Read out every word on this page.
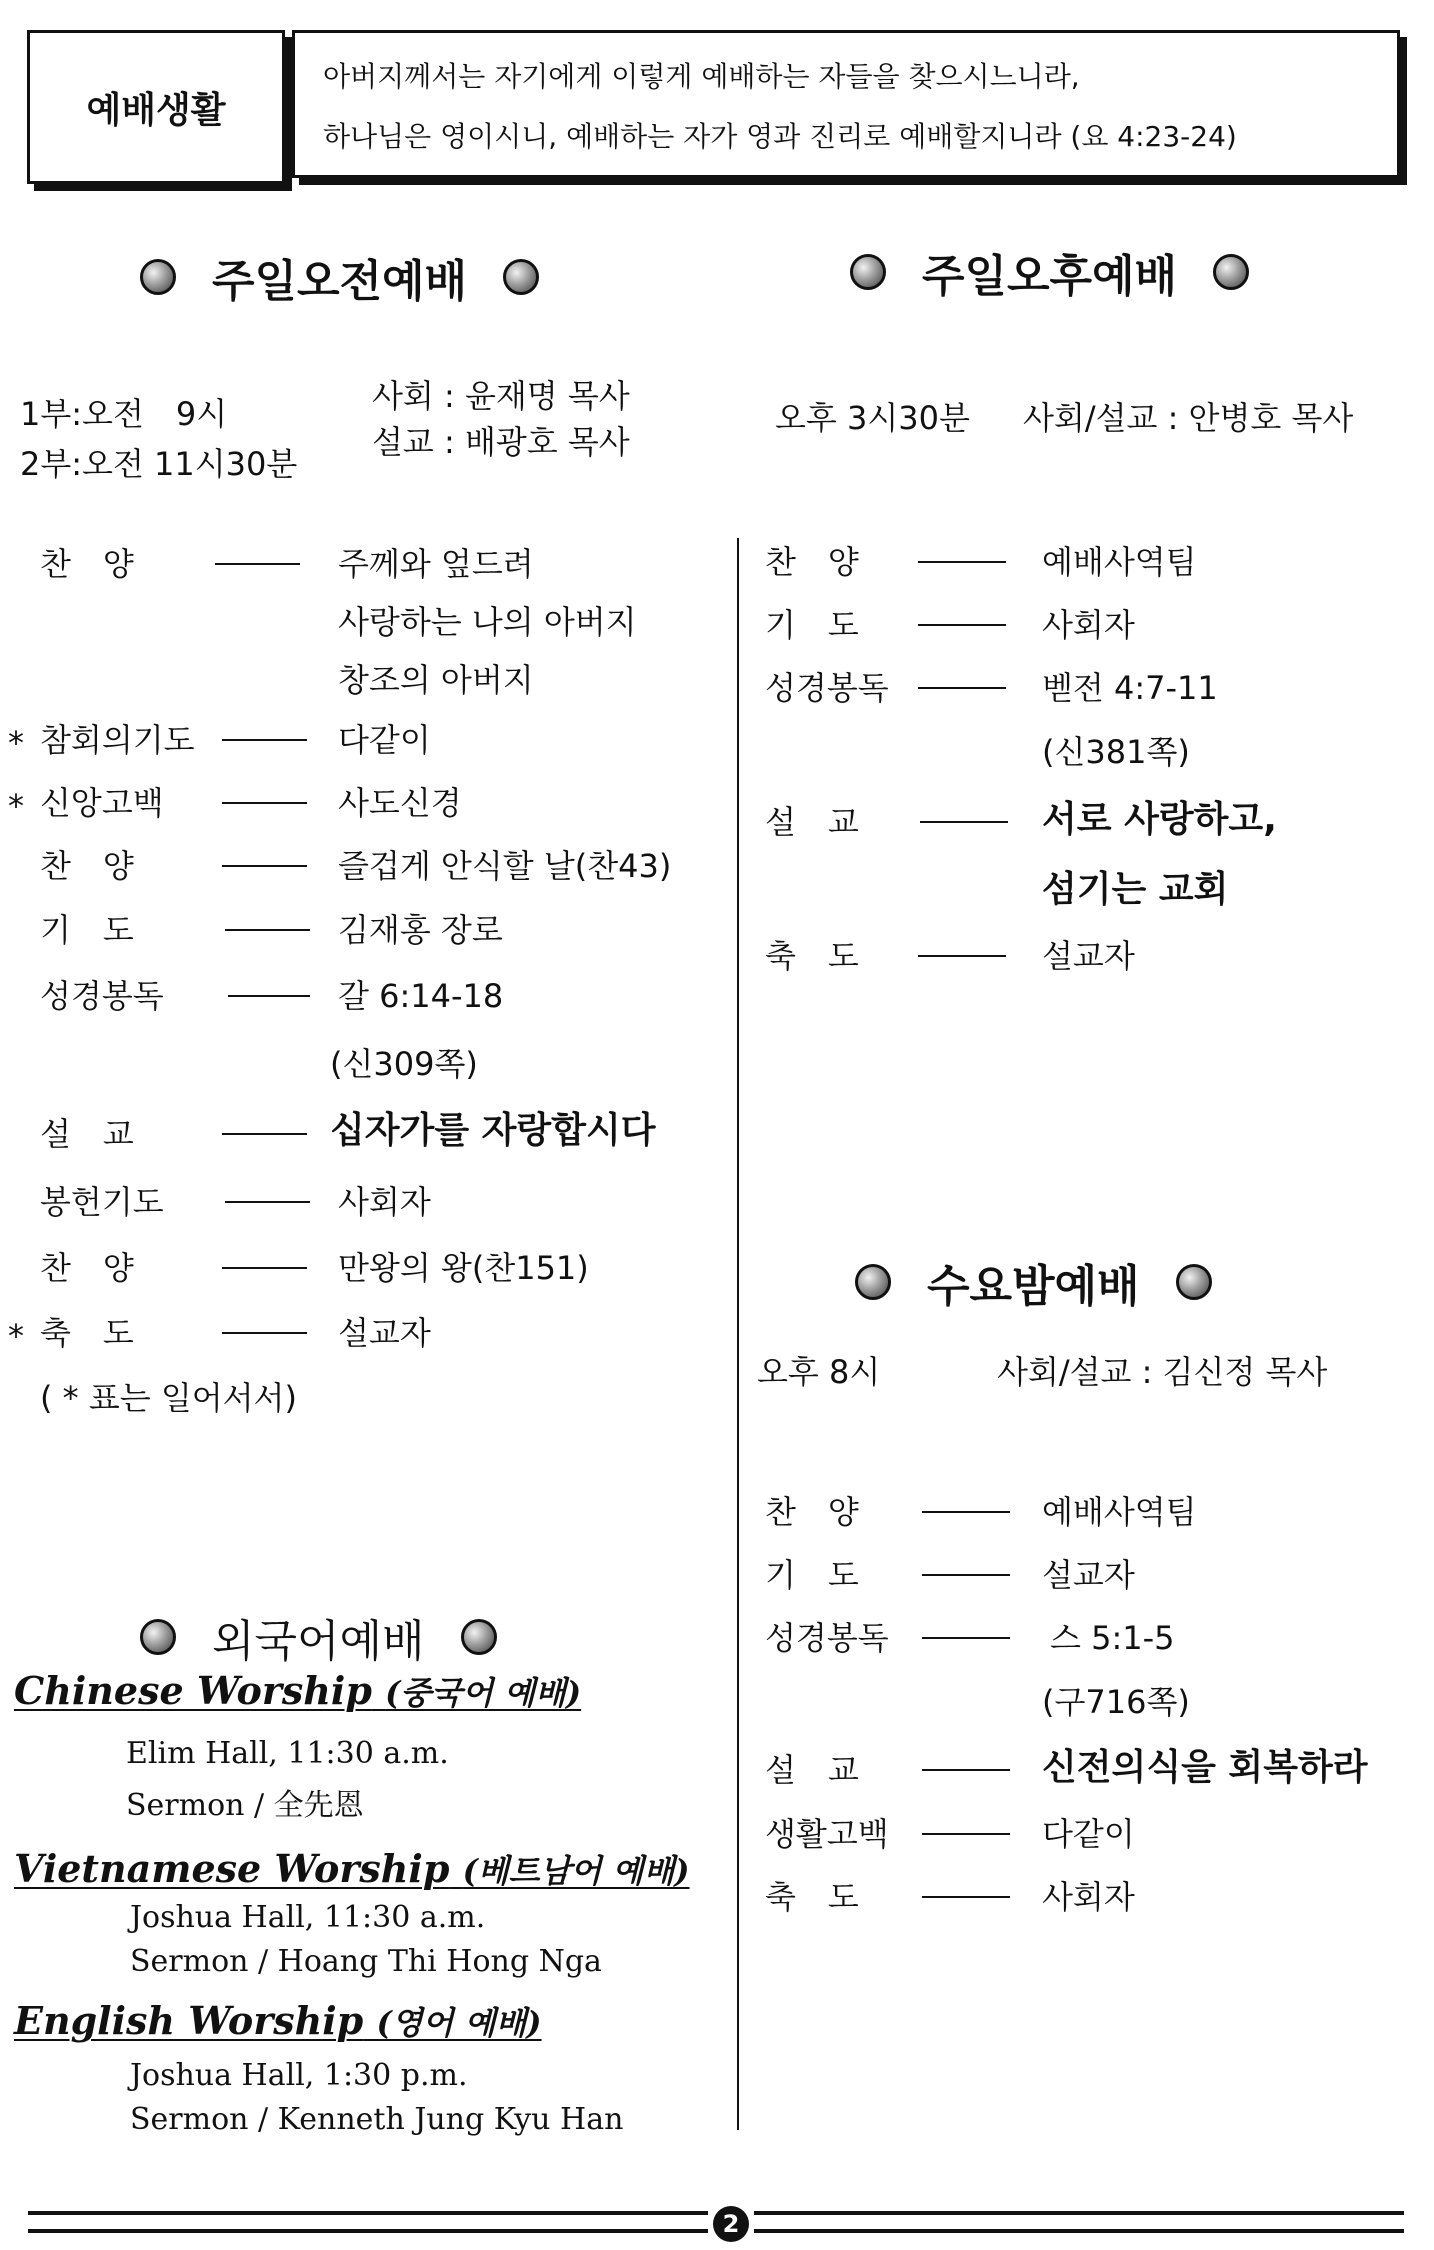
예배생활
아버지께서는 자기에게 이렇게 예배하는 자들을 찾으시느니라,
하나님은 영이시니, 예배하는 자가 영과 진리로 예배할지니라 (요 4:23-24)
주일오전예배
1부:오전　9시
2부:오전 11시30분
사회 : 윤재명 목사
설교 : 배광호 목사
찬　양	주께와 엎드려
사랑하는 나의 아버지
창조의 아버지
* 참회의기도	다같이
* 신앙고백	사도신경
찬　양	즐겁게 안식할 날(찬43)
기　도	김재홍 장로
성경봉독	갈 6:14-18
(신309쪽)
설　교	십자가를 자랑합시다
봉헌기도	사회자
찬　양	만왕의 왕(찬151)
* 축　도	설교자
( * 표는 일어서서)
주일오후예배
오후 3시30분 사회/설교 : 안병호 목사
찬　양	예배사역팀
기　도	사회자
성경봉독	벧전 4:7-11
(신381쪽)
설　교	서로 사랑하고,
섬기는 교회
축　도	설교자
수요밤예배
오후 8시	사회/설교 : 김신정 목사
찬　양	예배사역팀
기　도	설교자
성경봉독	스 5:1-5
(구716쪽)
설　교	신전의식을 회복하라
생활고백	다같이
축　도	사회자
외국어예배
Chinese Worship (중국어 예배)
Elim Hall, 11:30 a.m.
Sermon / 全先恩
Vietnamese Worship (베트남어 예배)
Joshua Hall, 11:30 a.m.
Sermon / Hoang Thi Hong Nga
English Worship (영어 예배)
Joshua Hall, 1:30 p.m.
Sermon / Kenneth Jung Kyu Han
2
